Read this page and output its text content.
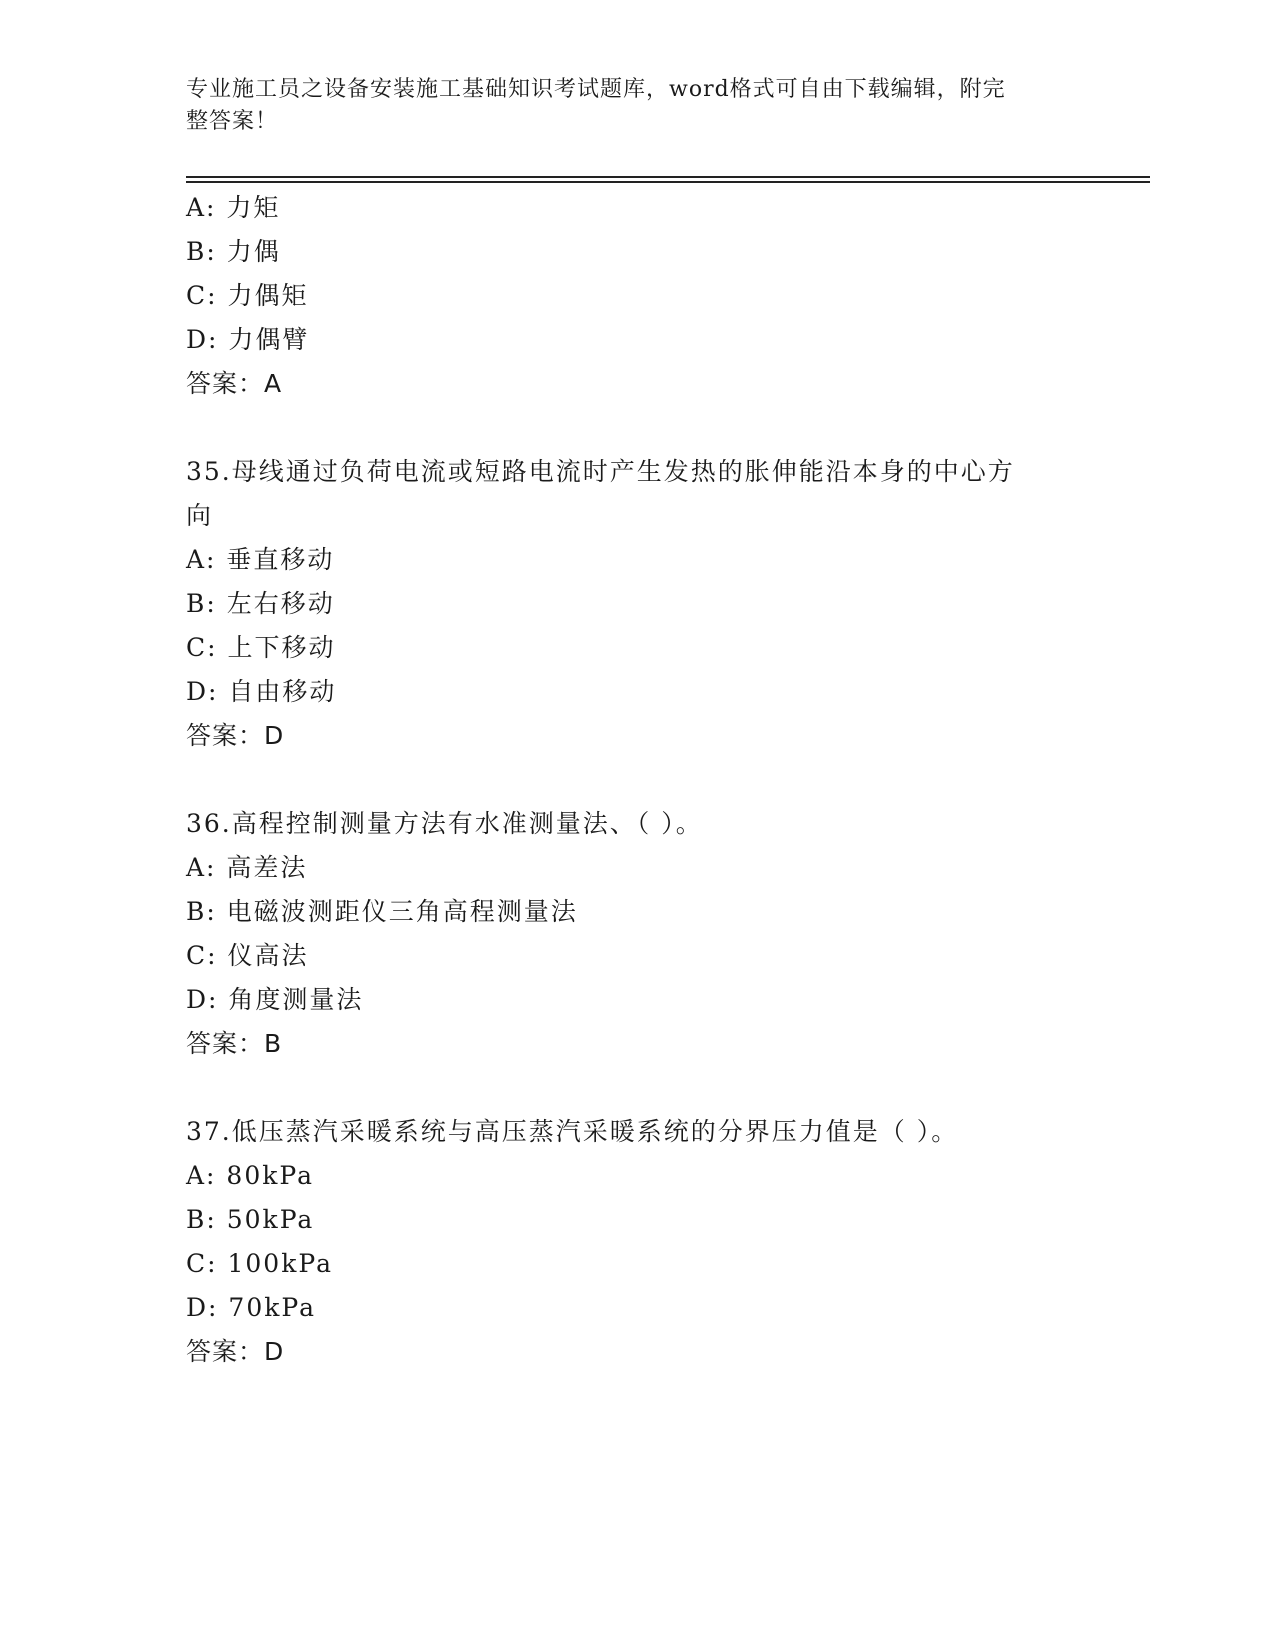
专业施工员之设备安装施工基础知识考试题库，word格式可自由下载编辑，附完
整答案！
A: 力矩
B: 力偶
C: 力偶矩
D: 力偶臂
答案：A
35.母线通过负荷电流或短路电流时产生发热的胀伸能沿本身的中心方
向
A: 垂直移动
B: 左右移动
C: 上下移动
D: 自由移动
答案：D
36.高程控制测量方法有水准测量法、（ ）。
A: 高差法
B: 电磁波测距仪三角高程测量法
C: 仪高法
D: 角度测量法
答案：B
37.低压蒸汽采暖系统与高压蒸汽采暖系统的分界压力值是（ ）。
A: 80kPa
B: 50kPa
C: 100kPa
D: 70kPa
答案：D
